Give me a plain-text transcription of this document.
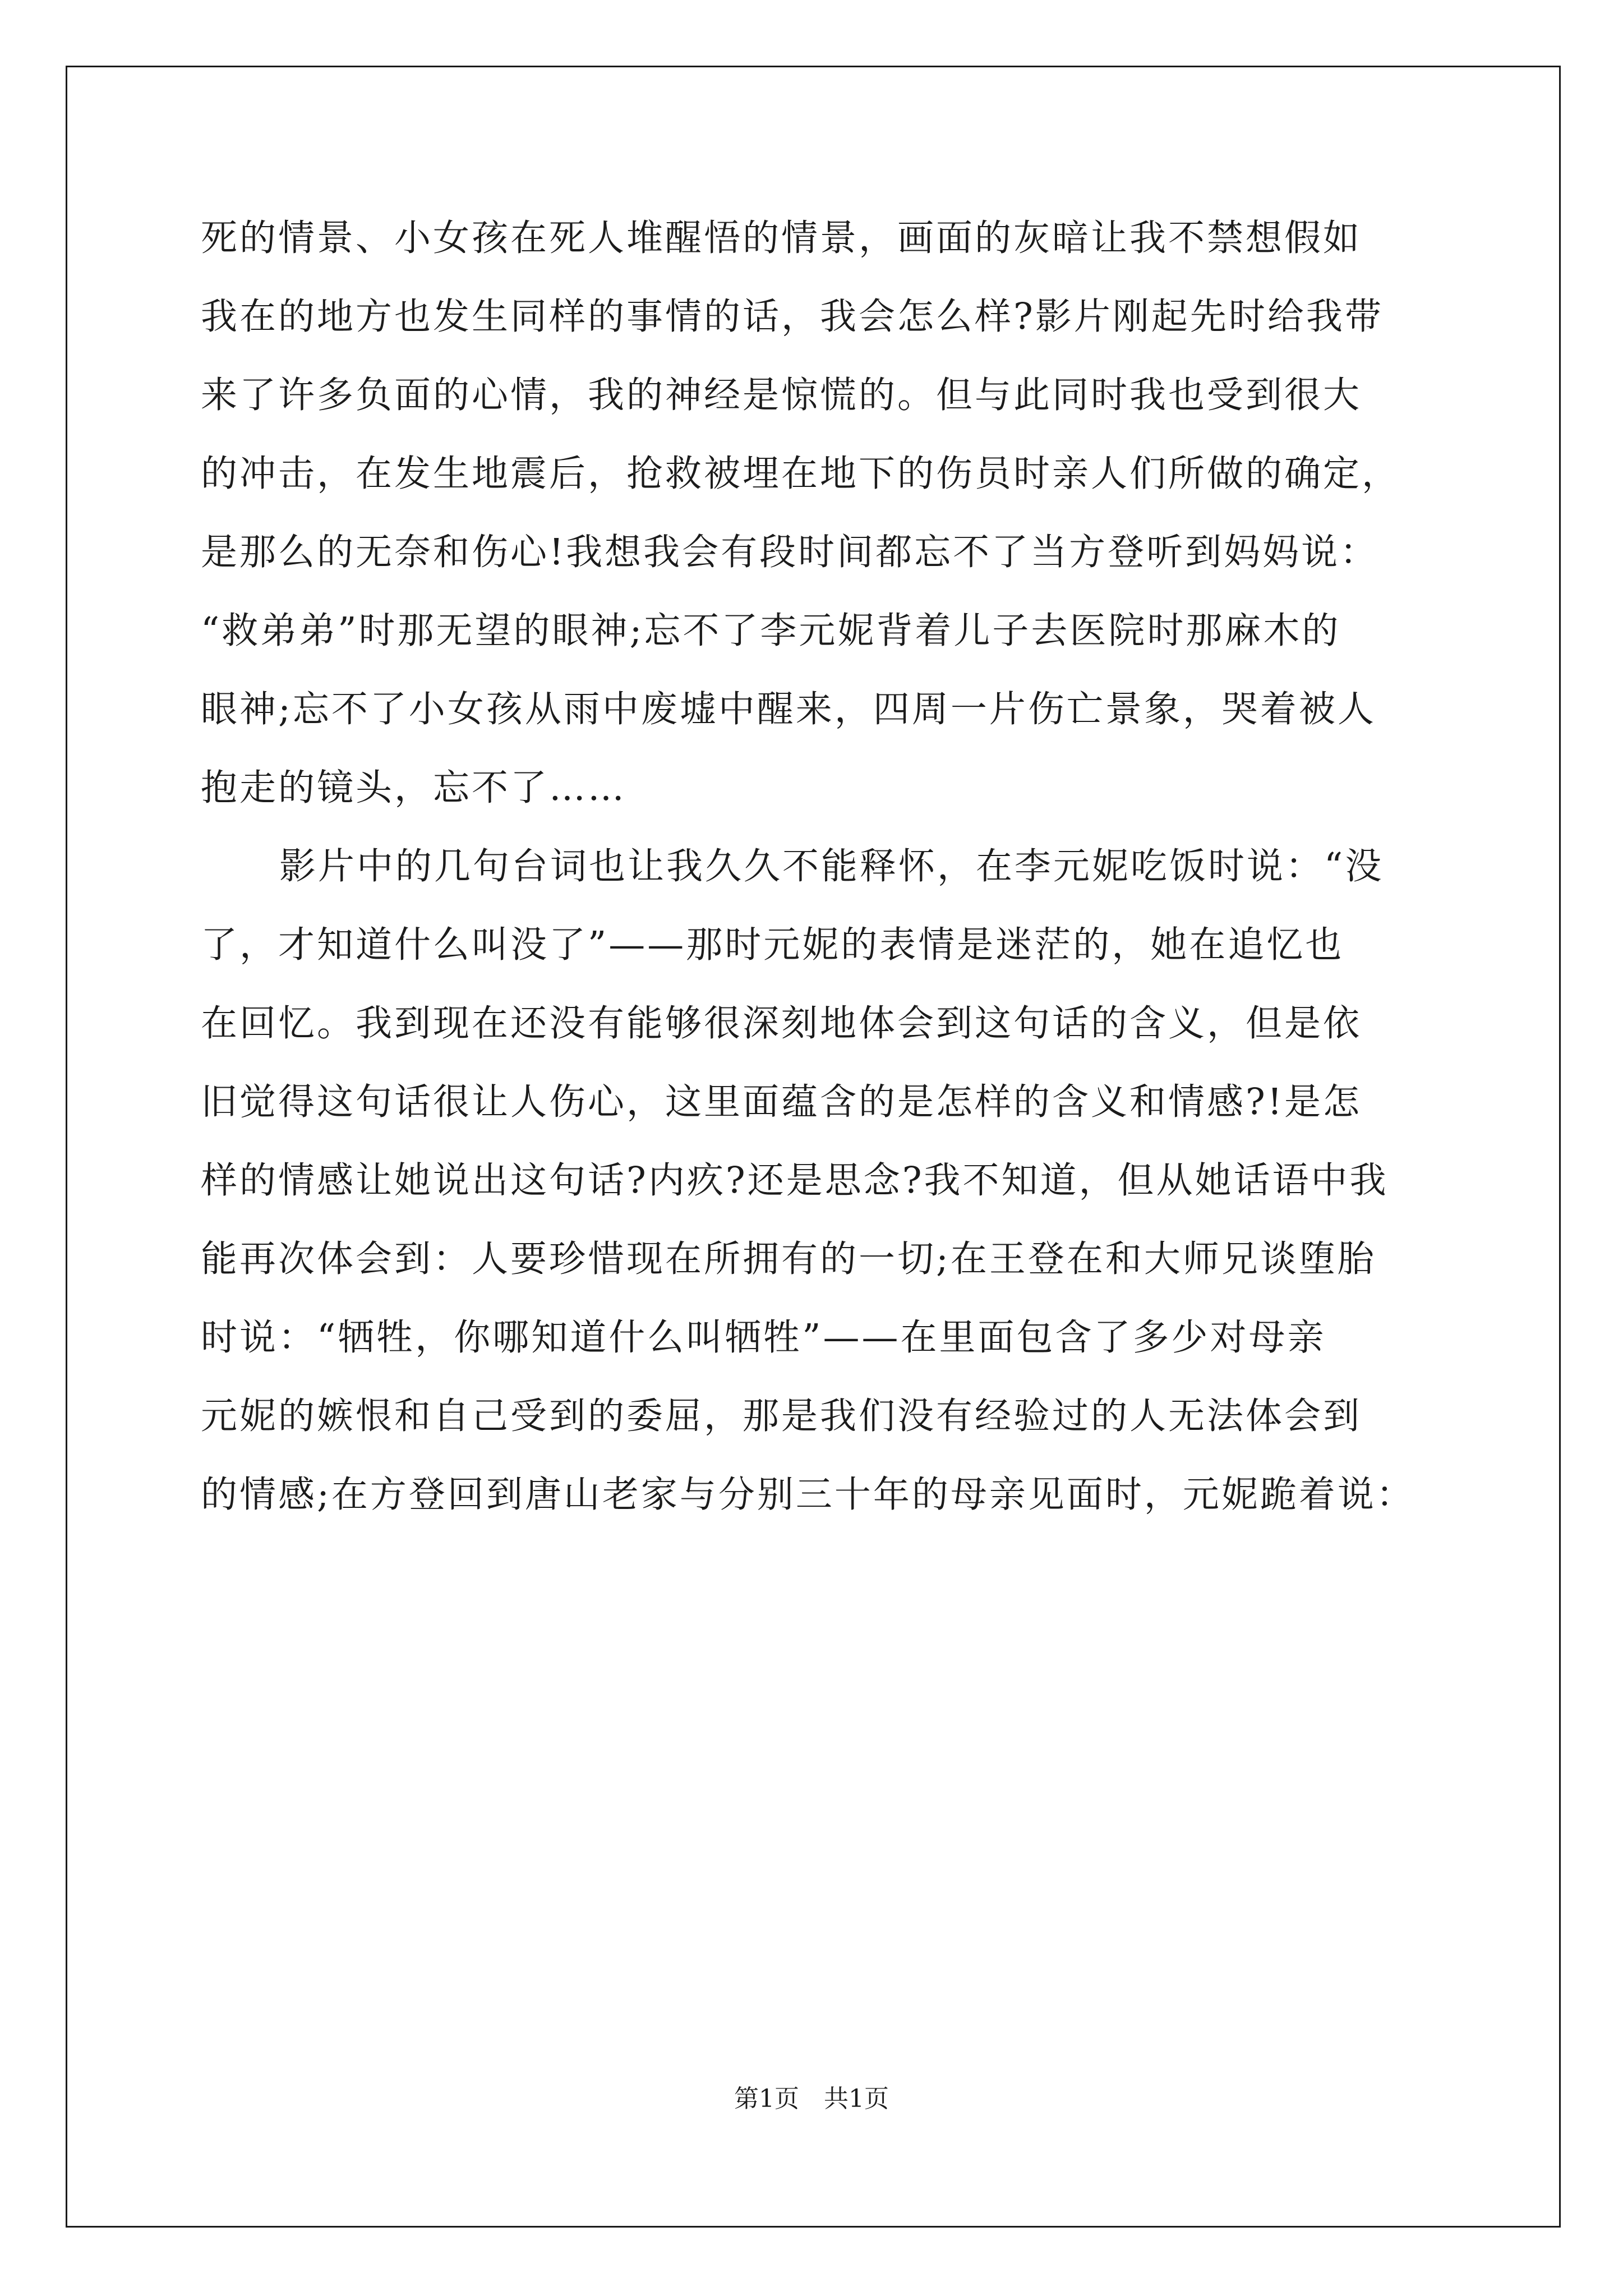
死的情景、小女孩在死人堆醒悟的情景，画面的灰暗让我不禁想假如
我在的地方也发生同样的事情的话，我会怎么样?影片刚起先时给我带
来了许多负面的心情，我的神经是惊慌的。但与此同时我也受到很大
的冲击，在发生地震后，抢救被埋在地下的伤员时亲人们所做的确定，
是那么的无奈和伤心!我想我会有段时间都忘不了当方登听到妈妈说：
“救弟弟”时那无望的眼神;忘不了李元妮背着儿子去医院时那麻木的
眼神;忘不了小女孩从雨中废墟中醒来，四周一片伤亡景象，哭着被人
抱走的镜头，忘不了……
影片中的几句台词也让我久久不能释怀，在李元妮吃饭时说：“没
了，才知道什么叫没了”——那时元妮的表情是迷茫的，她在追忆也
在回忆。我到现在还没有能够很深刻地体会到这句话的含义，但是依
旧觉得这句话很让人伤心，这里面蕴含的是怎样的含义和情感?!是怎
样的情感让她说出这句话?内疚?还是思念?我不知道，但从她话语中我
能再次体会到：人要珍惜现在所拥有的一切;在王登在和大师兄谈堕胎
时说：“牺牲，你哪知道什么叫牺牲”——在里面包含了多少对母亲
元妮的嫉恨和自己受到的委屈，那是我们没有经验过的人无法体会到
的情感;在方登回到唐山老家与分别三十年的母亲见面时，元妮跪着说：
第1页　共1页
